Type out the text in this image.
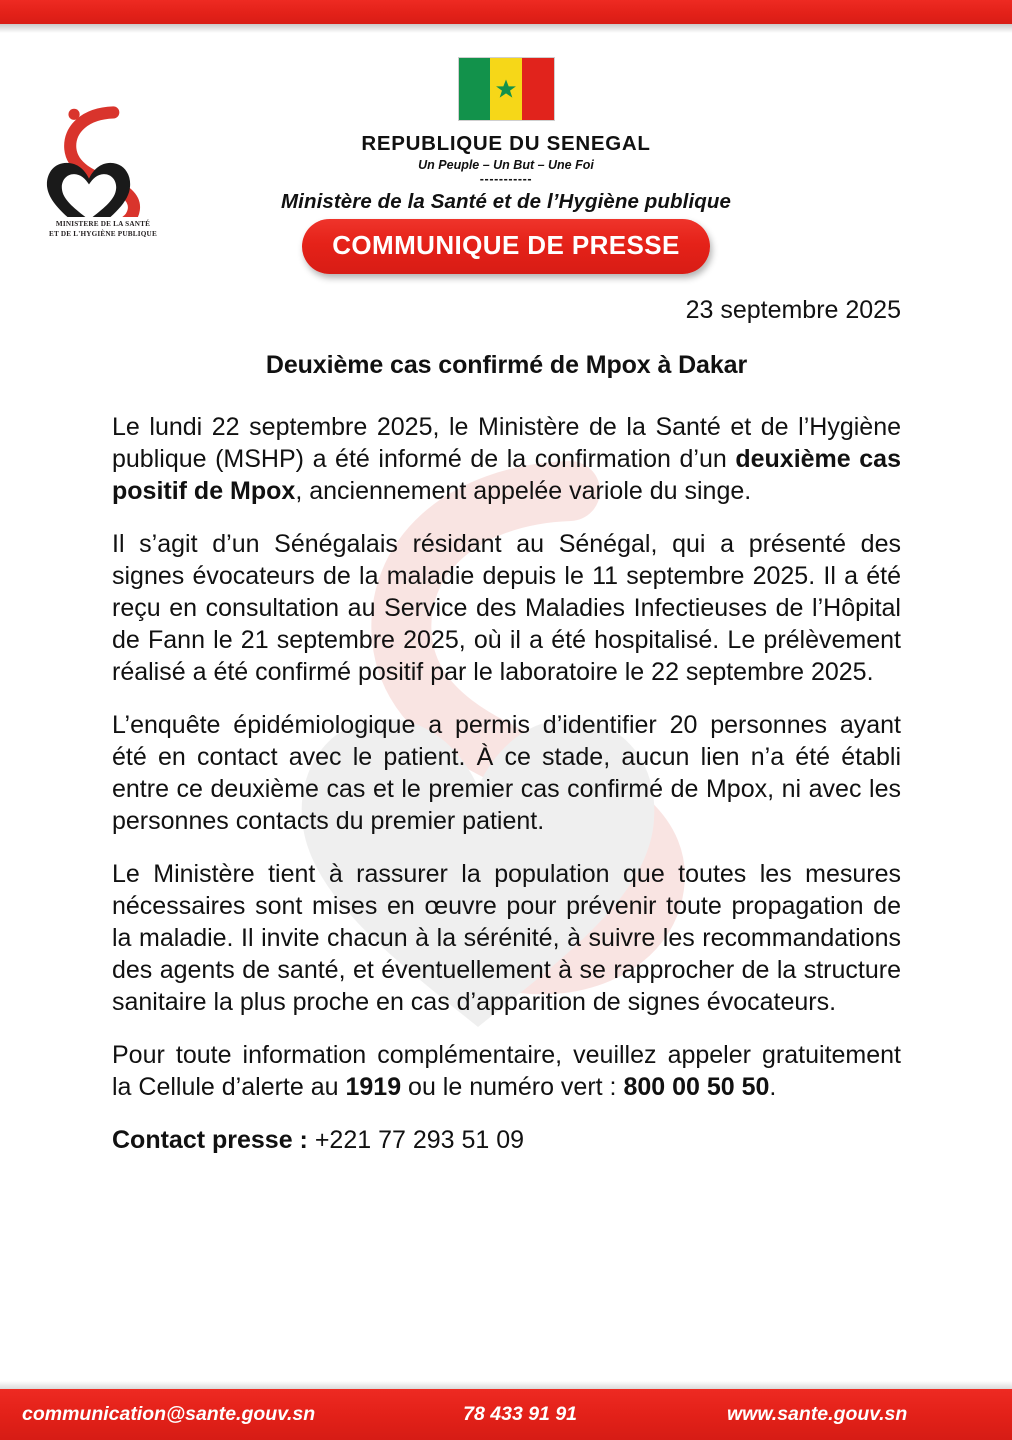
MINISTERE DE LA SANTÉ
ET DE L'HYGIÈNE PUBLIQUE
REPUBLIQUE DU SENEGAL
Un Peuple – Un But – Une Foi
-----------
Ministère de la Santé et de l’Hygiène publique
COMMUNIQUE DE PRESSE
23 septembre 2025
Deuxième cas confirmé de Mpox à Dakar

Le lundi 22 septembre 2025, le Ministère de la Santé et de l’Hygiène publique (MSHP) a été informé de la confirmation d’un deuxième cas positif de Mpox, anciennement appelée variole du singe.

Il s’agit d’un Sénégalais résidant au Sénégal, qui a présenté des signes évocateurs de la maladie depuis le 11 septembre 2025. Il a été reçu en consultation au Service des Maladies Infectieuses de l’Hôpital de Fann le 21 septembre 2025, où il a été hospitalisé. Le prélèvement réalisé a été confirmé positif par le laboratoire le 22 septembre 2025.

L’enquête épidémiologique a permis d’identifier 20 personnes ayant été en contact avec le patient. À ce stade, aucun lien n’a été établi entre ce deuxième cas et le premier cas confirmé de Mpox, ni avec les personnes contacts du premier patient.

Le Ministère tient à rassurer la population que toutes les mesures nécessaires sont mises en œuvre pour prévenir toute propagation de la maladie. Il invite chacun à la sérénité, à suivre les recommandations des agents de santé, et éventuellement à se rapprocher de la structure sanitaire la plus proche en cas d’apparition de signes évocateurs.

Pour toute information complémentaire, veuillez appeler gratuitement la Cellule d’alerte au 1919 ou le numéro vert : 800 00 50 50.

Contact presse : +221 77 293 51 09

communication@sante.gouv.sn	78 433 91 91	www.sante.gouv.sn
